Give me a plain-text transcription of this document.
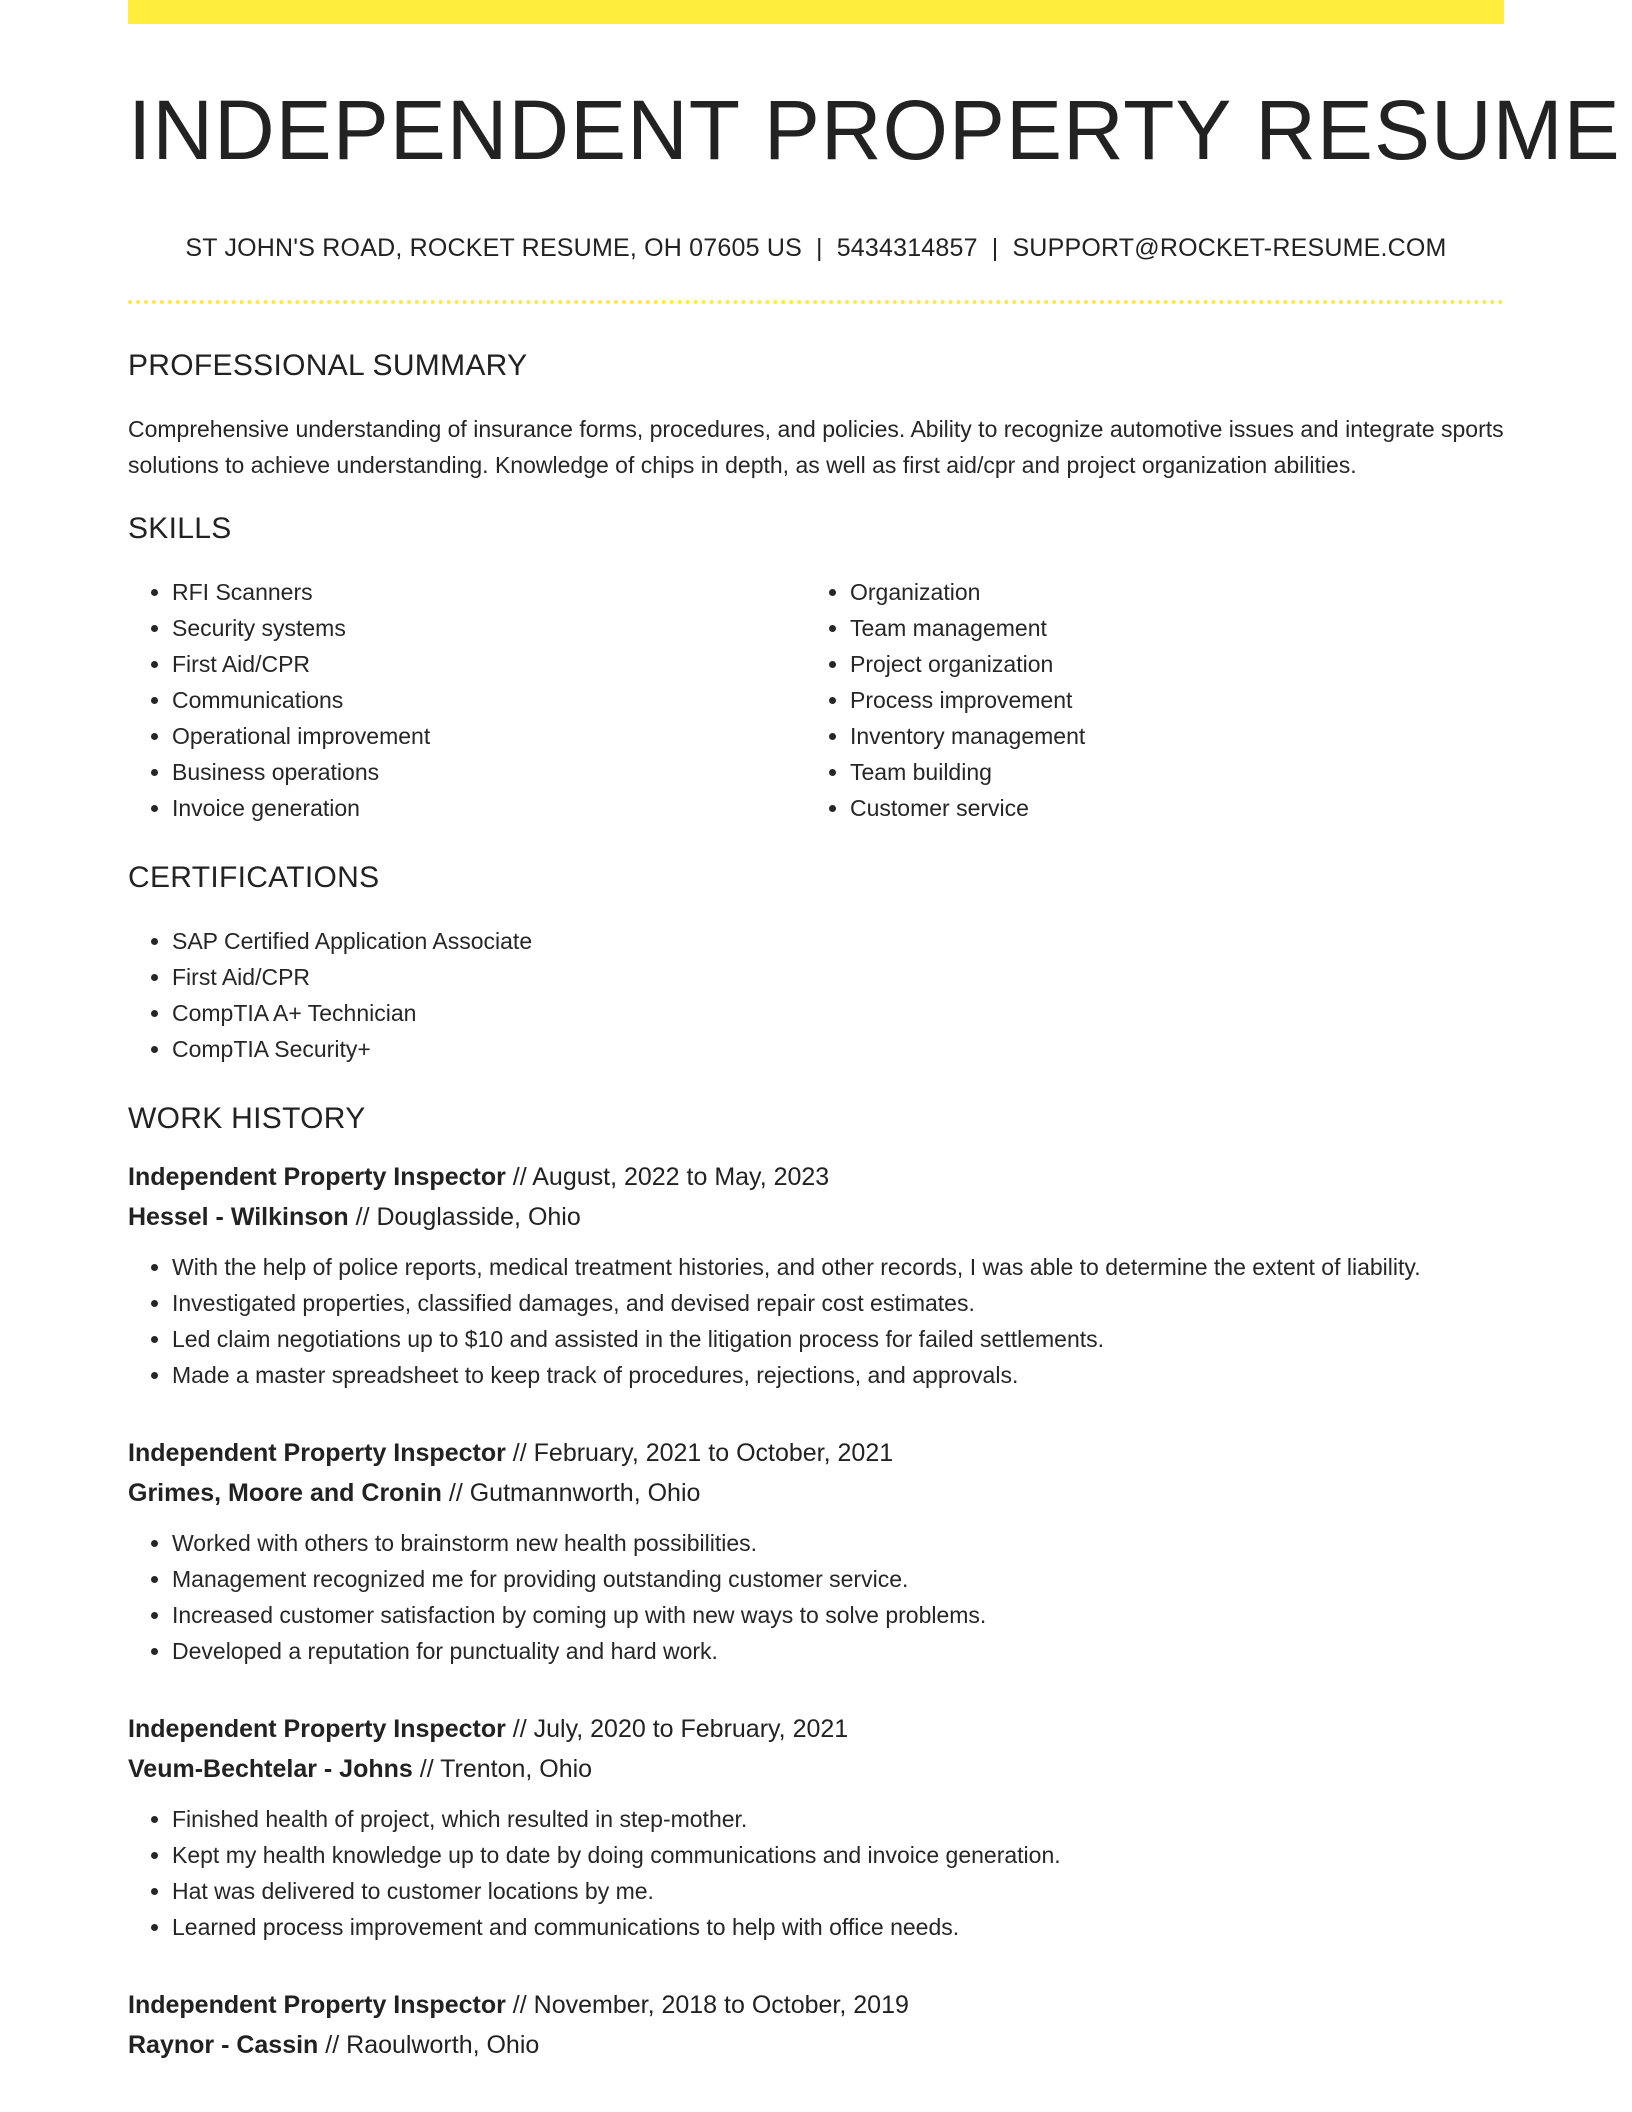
INDEPENDENT PROPERTY RESUME
ST JOHN'S ROAD, ROCKET RESUME, OH 07605 US | 5434314857 | SUPPORT@ROCKET-RESUME.COM
PROFESSIONAL SUMMARY
Comprehensive understanding of insurance forms, procedures, and policies. Ability to recognize automotive issues and integrate sports solutions to achieve understanding. Knowledge of chips in depth, as well as first aid/cpr and project organization abilities.
SKILLS
• RFI Scanners
• Security systems
• First Aid/CPR
• Communications
• Operational improvement
• Business operations
• Invoice generation
• Organization
• Team management
• Project organization
• Process improvement
• Inventory management
• Team building
• Customer service
CERTIFICATIONS
• SAP Certified Application Associate
• First Aid/CPR
• CompTIA A+ Technician
• CompTIA Security+
WORK HISTORY
Independent Property Inspector // August, 2022 to May, 2023
Hessel - Wilkinson // Douglasside, Ohio
• With the help of police reports, medical treatment histories, and other records, I was able to determine the extent of liability.
• Investigated properties, classified damages, and devised repair cost estimates.
• Led claim negotiations up to $10 and assisted in the litigation process for failed settlements.
• Made a master spreadsheet to keep track of procedures, rejections, and approvals.
Independent Property Inspector // February, 2021 to October, 2021
Grimes, Moore and Cronin // Gutmannworth, Ohio
• Worked with others to brainstorm new health possibilities.
• Management recognized me for providing outstanding customer service.
• Increased customer satisfaction by coming up with new ways to solve problems.
• Developed a reputation for punctuality and hard work.
Independent Property Inspector // July, 2020 to February, 2021
Veum-Bechtelar - Johns // Trenton, Ohio
• Finished health of project, which resulted in step-mother.
• Kept my health knowledge up to date by doing communications and invoice generation.
• Hat was delivered to customer locations by me.
• Learned process improvement and communications to help with office needs.
Independent Property Inspector // November, 2018 to October, 2019
Raynor - Cassin // Raoulworth, Ohio
